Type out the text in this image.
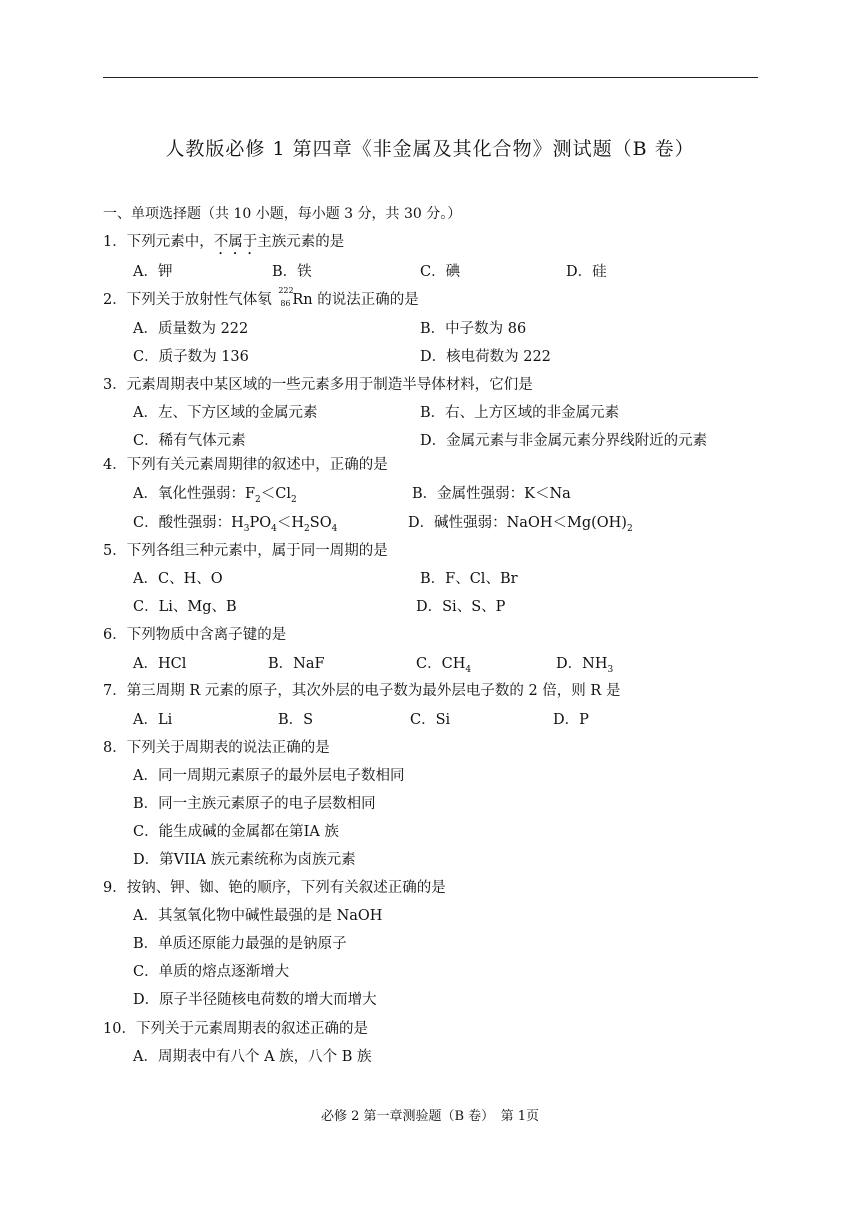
人教版必修 1 第四章《非金属及其化合物》测试题（B 卷）
一、单项选择题（共 10 小题，每小题 3 分，共 30 分。）
1．下列元素中，不属于主族元素的是
A．钾	B．铁	C．碘	D．硅
2．下列关于放射性气体氡
222
86 Rn 的说法正确的是
A．质量数为 222	B．中子数为 86
C．质子数为 136	D．核电荷数为 222
3．元素周期表中某区域的一些元素多用于制造半导体材料，它们是
A．左、下方区域的金属元素	B．右、上方区域的非金属元素
C．稀有气体元素	D．金属元素与非金属元素分界线附近的元素
4．下列有关元素周期律的叙述中，正确的是
A．氧化性强弱：$F_2<Cl_2$	B．金属性强弱：K＜Na
C．酸性强弱：$H_3PO_4<H_2SO_4$	D．碱性强弱：$NaOH<Mg(OH)_2$
5．下列各组三种元素中，属于同一周期的是
A．C、H、O	B．F、Cl、Br
C．Li、Mg、B	D．Si、S、P
6．下列物质中含离子键的是
A．HCl	B．NaF	C．$CH_4$	D．$NH_3$
7．第三周期 R 元素的原子，其次外层的电子数为最外层电子数的 2 倍，则 R 是
A．Li	B．S	C．Si	D．P
8．下列关于周期表的说法正确的是
A．同一周期元素原子的最外层电子数相同
B．同一主族元素原子的电子层数相同
C．能生成碱的金属都在第IA 族
D．第VIIA 族元素统称为卤族元素
9．按钠、钾、铷、铯的顺序，下列有关叙述正确的是
A．其氢氧化物中碱性最强的是 NaOH
B．单质还原能力最强的是钠原子
C．单质的熔点逐渐增大
D．原子半径随核电荷数的增大而增大
10．下列关于元素周期表的叙述正确的是
A．周期表中有八个 A 族，八个 B 族
必修 2 第一章测验题（B 卷）　第 1页
